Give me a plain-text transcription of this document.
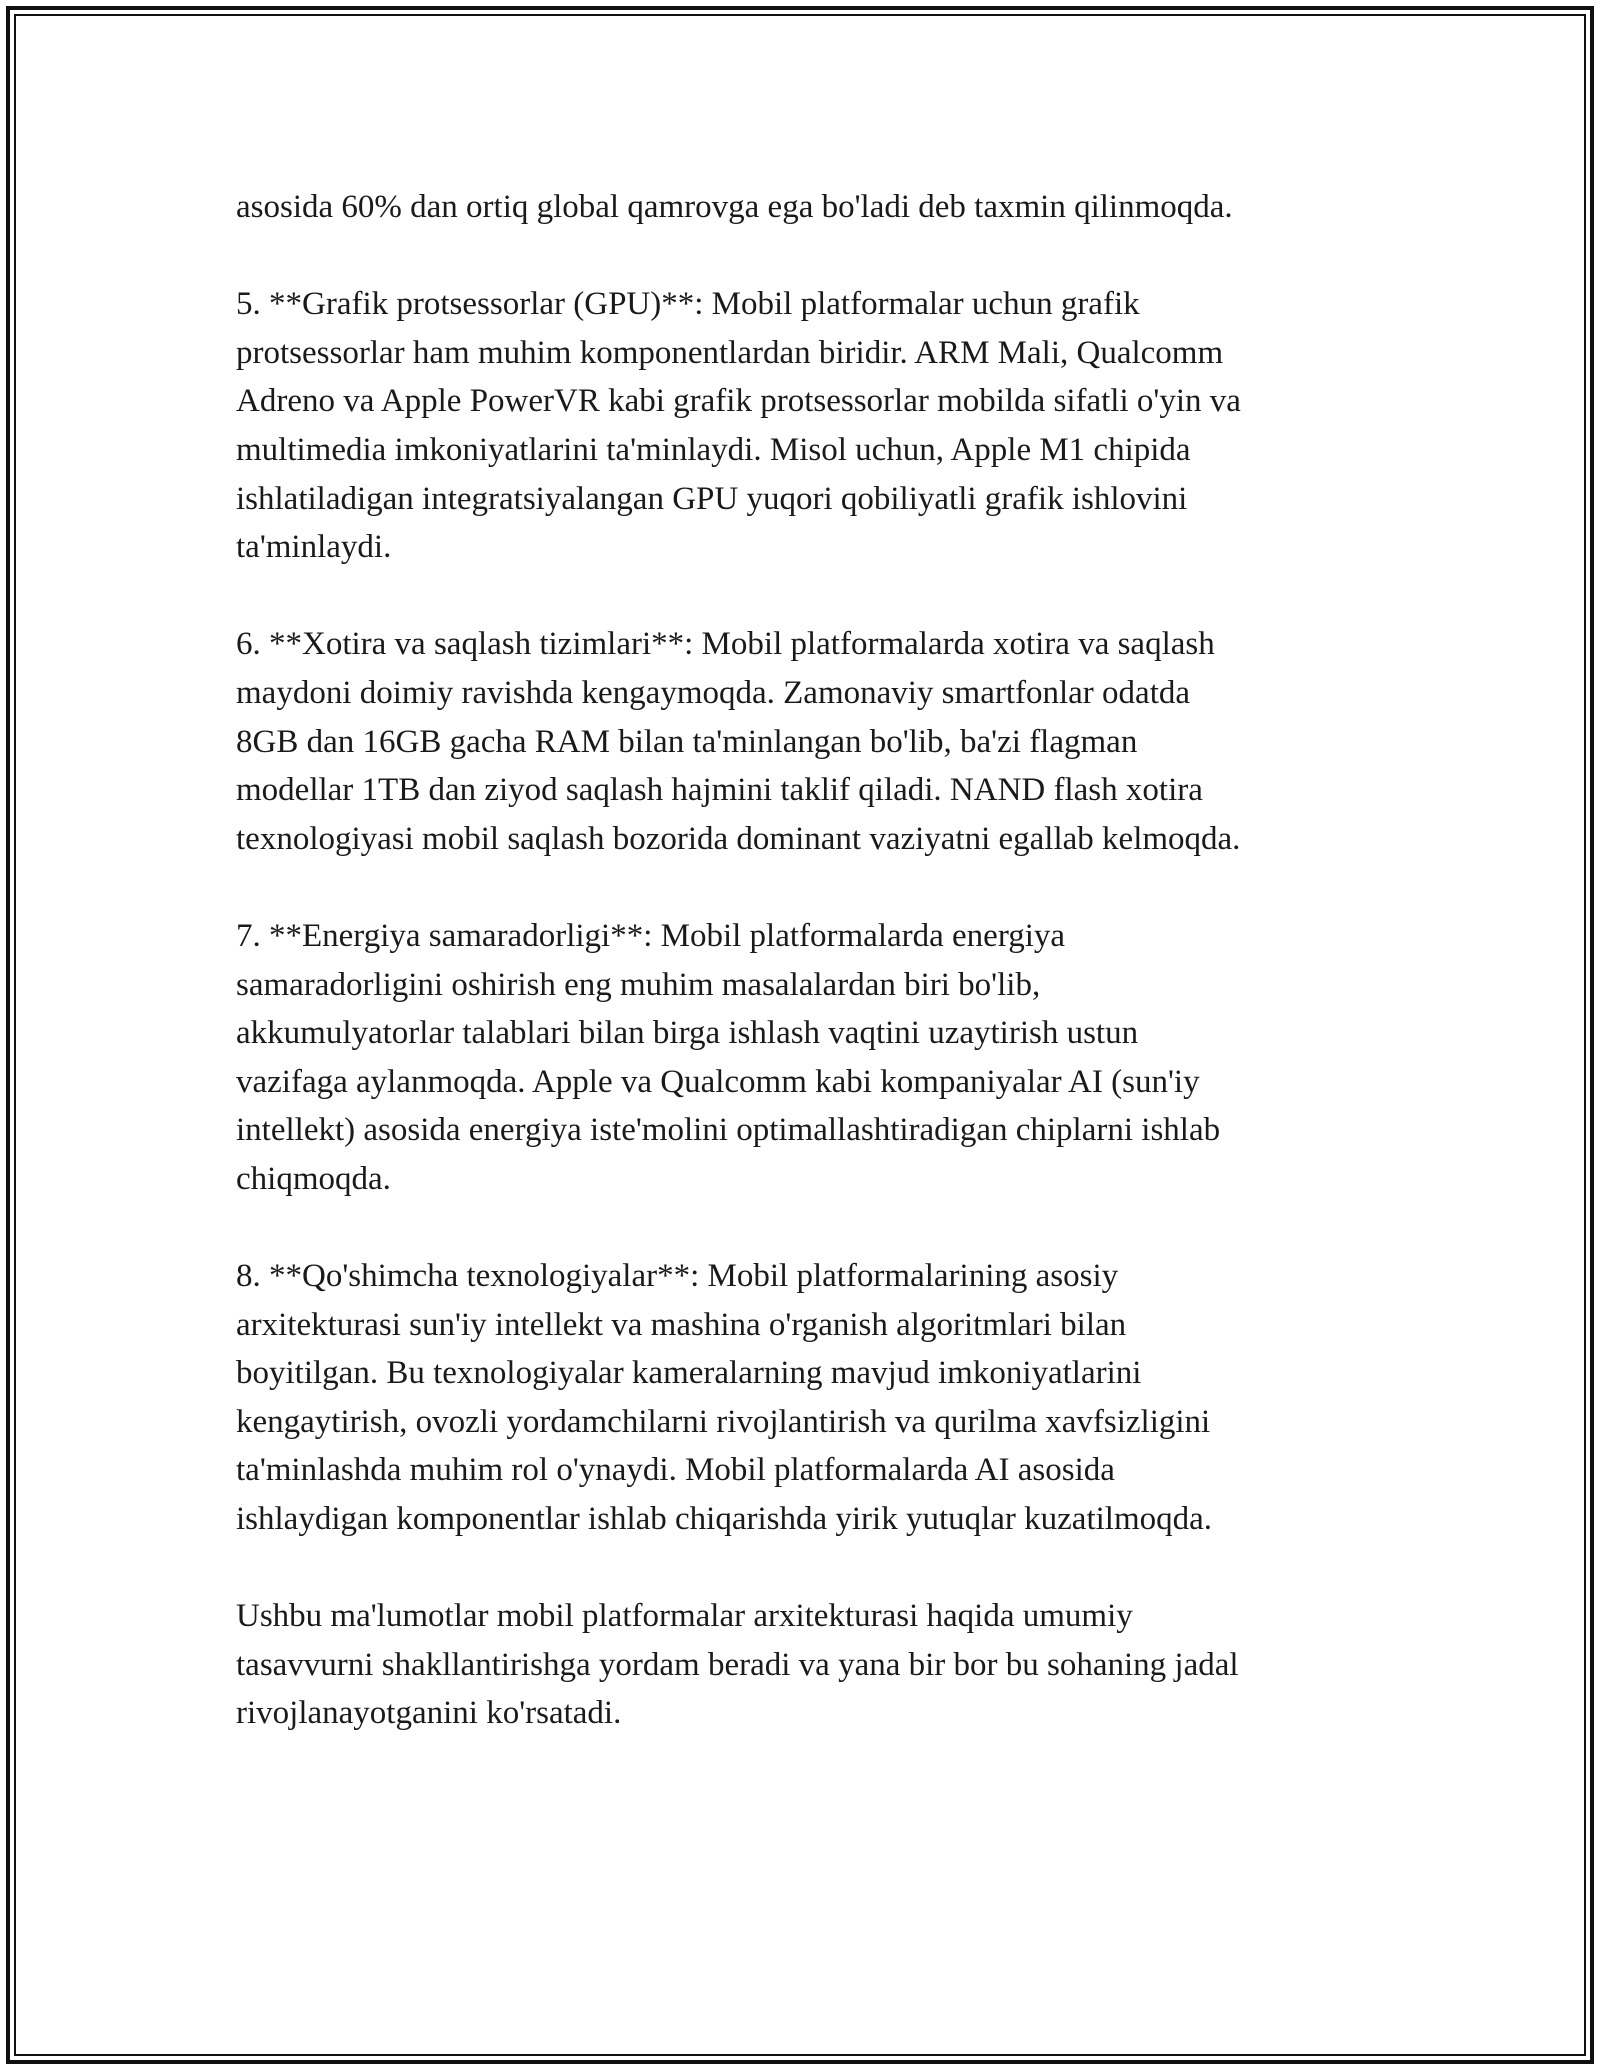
asosida 60% dan ortiq global qamrovga ega bo'ladi deb taxmin qilinmoqda.

5. **Grafik protsessorlar (GPU)**: Mobil platformalar uchun grafik
protsessorlar ham muhim komponentlardan biridir. ARM Mali, Qualcomm
Adreno va Apple PowerVR kabi grafik protsessorlar mobilda sifatli o'yin va
multimedia imkoniyatlarini ta'minlaydi. Misol uchun, Apple M1 chipida
ishlatiladigan integratsiyalangan GPU yuqori qobiliyatli grafik ishlovini
ta'minlaydi.

6. **Xotira va saqlash tizimlari**: Mobil platformalarda xotira va saqlash
maydoni doimiy ravishda kengaymoqda. Zamonaviy smartfonlar odatda
8GB dan 16GB gacha RAM bilan ta'minlangan bo'lib, ba'zi flagman
modellar 1TB dan ziyod saqlash hajmini taklif qiladi. NAND flash xotira
texnologiyasi mobil saqlash bozorida dominant vaziyatni egallab kelmoqda.

7. **Energiya samaradorligi**: Mobil platformalarda energiya
samaradorligini oshirish eng muhim masalalardan biri bo'lib,
akkumulyatorlar talablari bilan birga ishlash vaqtini uzaytirish ustun
vazifaga aylanmoqda. Apple va Qualcomm kabi kompaniyalar AI (sun'iy
intellekt) asosida energiya iste'molini optimallashtiradigan chiplarni ishlab
chiqmoqda.

8. **Qo'shimcha texnologiyalar**: Mobil platformalarining asosiy
arxitekturasi sun'iy intellekt va mashina o'rganish algoritmlari bilan
boyitilgan. Bu texnologiyalar kameralarning mavjud imkoniyatlarini
kengaytirish, ovozli yordamchilarni rivojlantirish va qurilma xavfsizligini
ta'minlashda muhim rol o'ynaydi. Mobil platformalarda AI asosida
ishlaydigan komponentlar ishlab chiqarishda yirik yutuqlar kuzatilmoqda.

Ushbu ma'lumotlar mobil platformalar arxitekturasi haqida umumiy
tasavvurni shakllantirishga yordam beradi va yana bir bor bu sohaning jadal
rivojlanayotganini ko'rsatadi.
